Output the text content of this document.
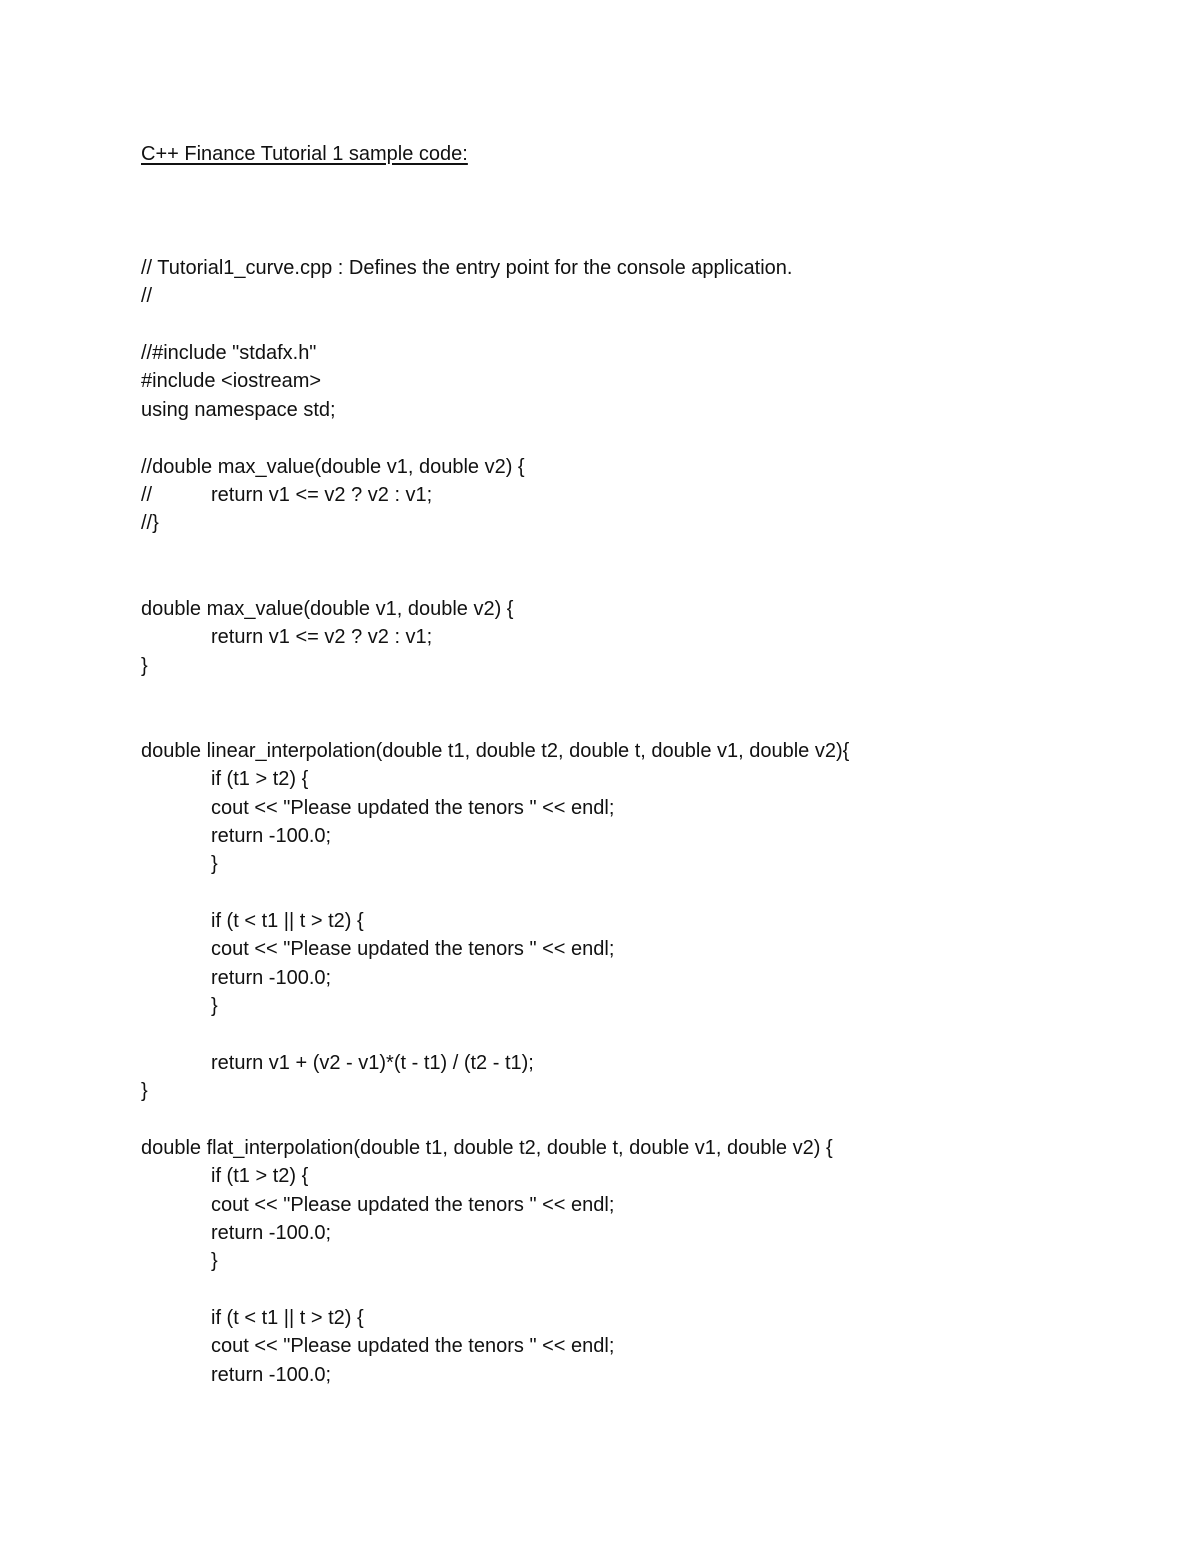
C++ Finance Tutorial 1 sample code:
// Tutorial1_curve.cpp : Defines the entry point for the console application.
//
//#include "stdafx.h"
#include <iostream>
using namespace std;
//double max_value(double v1, double v2) {
//	return v1 <= v2 ? v2 : v1;
//}
double max_value(double v1, double v2) {
return v1 <= v2 ? v2 : v1;
}
double linear_interpolation(double t1, double t2, double t, double v1, double v2){
if (t1 > t2) {
cout << "Please updated the tenors " << endl;
return -100.0;
}
if (t < t1 || t > t2) {
cout << "Please updated the tenors " << endl;
return -100.0;
}
return v1 + (v2 - v1)*(t - t1) / (t2 - t1);
}
double flat_interpolation(double t1, double t2, double t, double v1, double v2) {
if (t1 > t2) {
cout << "Please updated the tenors " << endl;
return -100.0;
}
if (t < t1 || t > t2) {
cout << "Please updated the tenors " << endl;
return -100.0;
